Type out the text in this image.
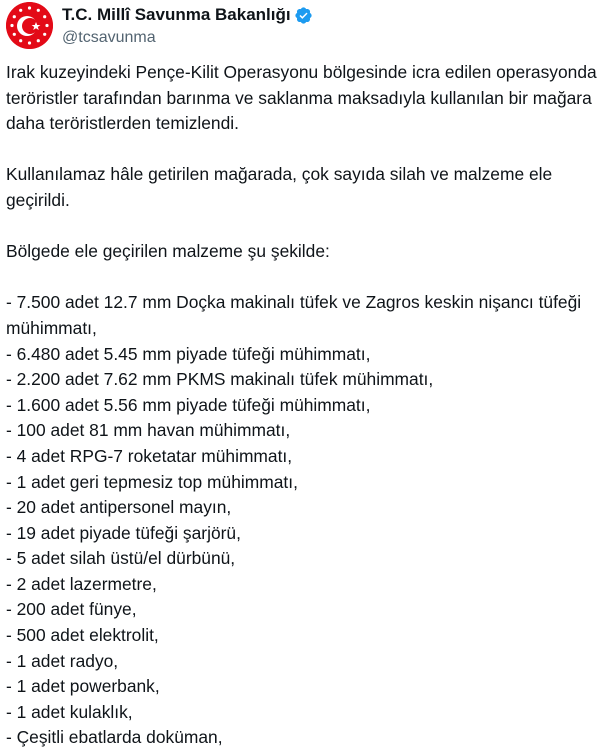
T.C. Millî Savunma Bakanlığı
@tcsavunma

Irak kuzeyindeki Pençe-Kilit Operasyonu bölgesinde icra edilen operasyonda teröristler tarafından barınma ve saklanma maksadıyla kullanılan bir mağara daha teröristlerden temizlendi.

Kullanılamaz hâle getirilen mağarada, çok sayıda silah ve malzeme ele geçirildi.

Bölgede ele geçirilen malzeme şu şekilde:

- 7.500 adet 12.7 mm Doçka makinalı tüfek ve Zagros keskin nişancı tüfeği mühimmatı,
- 6.480 adet 5.45 mm piyade tüfeği mühimmatı,
- 2.200 adet 7.62 mm PKMS makinalı tüfek mühimmatı,
- 1.600 adet 5.56 mm piyade tüfeği mühimmatı,
- 100 adet 81 mm havan mühimmatı,
- 4 adet RPG-7 roketatar mühimmatı,
- 1 adet geri tepmesiz top mühimmatı,
- 20 adet antipersonel mayın,
- 19 adet piyade tüfeği şarjörü,
- 5 adet silah üstü/el dürbünü,
- 2 adet lazermetre,
- 200 adet fünye,
- 500 adet elektrolit,
- 1 adet radyo,
- 1 adet powerbank,
- 1 adet kulaklık,
- Çeşitli ebatlarda doküman,
